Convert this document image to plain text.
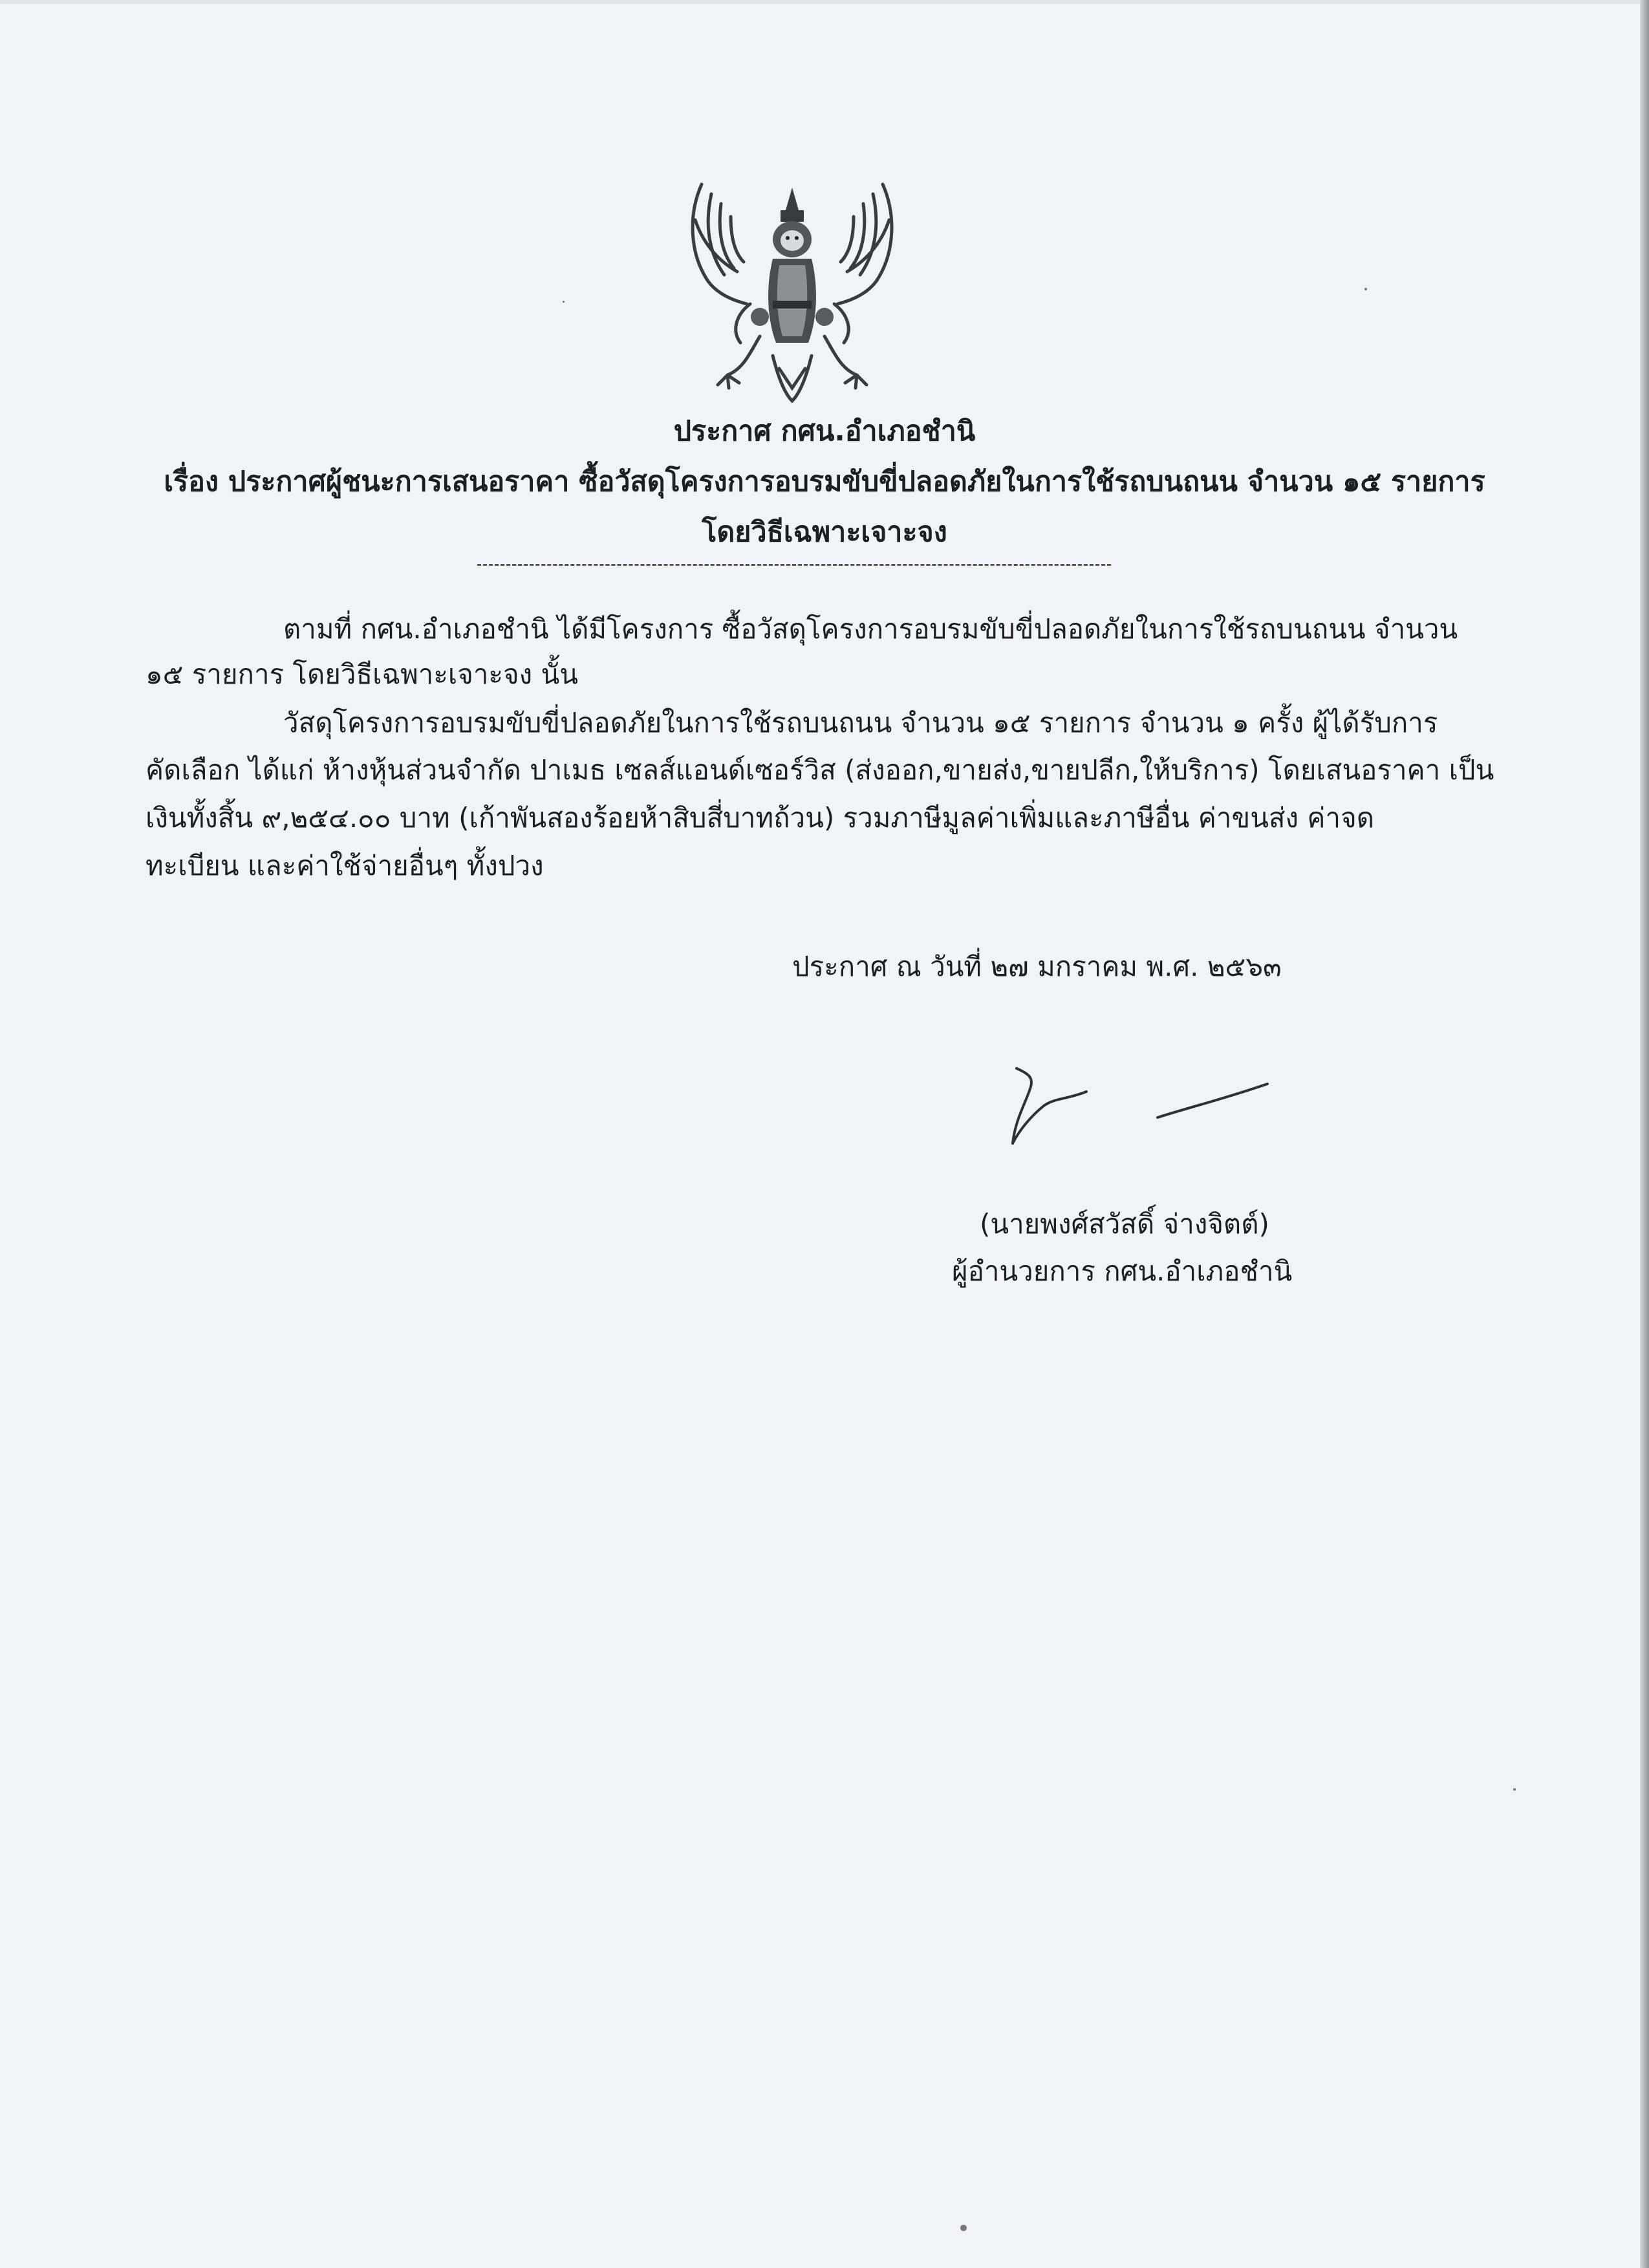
ประกาศ กศน.อำเภอชำนิ
เรื่อง ประกาศผู้ชนะการเสนอราคา ซื้อวัสดุโครงการอบรมขับขี่ปลอดภัยในการใช้รถบนถนน จำนวน ๑๕ รายการ
โดยวิธีเฉพาะเจาะจง
ตามที่ กศน.อำเภอชำนิ ได้มีโครงการ ซื้อวัสดุโครงการอบรมขับขี่ปลอดภัยในการใช้รถบนถนน จำนวน
๑๕ รายการ โดยวิธีเฉพาะเจาะจง นั้น
วัสดุโครงการอบรมขับขี่ปลอดภัยในการใช้รถบนถนน จำนวน ๑๕ รายการ จำนวน ๑ ครั้ง ผู้ได้รับการ
คัดเลือก ได้แก่ ห้างหุ้นส่วนจำกัด ปาเมธ เซลส์แอนด์เซอร์วิส (ส่งออก,ขายส่ง,ขายปลีก,ให้บริการ) โดยเสนอราคา เป็น
เงินทั้งสิ้น ๙,๒๕๔.๐๐ บาท (เก้าพันสองร้อยห้าสิบสี่บาทถ้วน) รวมภาษีมูลค่าเพิ่มและภาษีอื่น ค่าขนส่ง ค่าจด
ทะเบียน และค่าใช้จ่ายอื่นๆ ทั้งปวง
ประกาศ ณ วันที่ ๒๗ มกราคม พ.ศ. ๒๕๖๓
(นายพงศ์สวัสดิ์ จ่างจิตต์)
ผู้อำนวยการ กศน.อำเภอชำนิ
